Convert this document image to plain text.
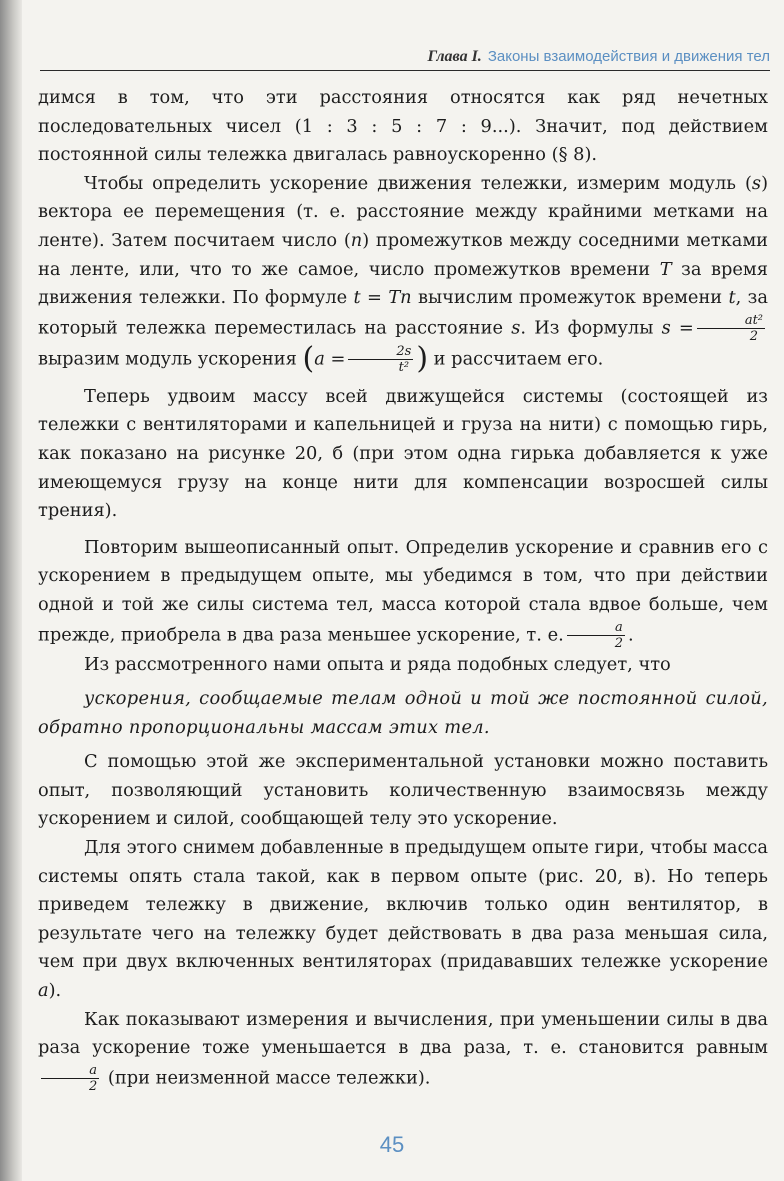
Глава I. Законы взаимодействия и движения тел

димся в том, что эти расстояния относятся как ряд нечетных последовательных чисел (1 : 3 : 5 : 7 : 9...). Значит, под действием постоянной силы тележка двигалась равноускоренно (§ 8).

Чтобы определить ускорение движения тележки, измерим модуль (s) вектора ее перемещения (т. е. расстояние между крайними метками на ленте). Затем посчитаем число (n) промежутков между соседними метками на ленте, или, что то же самое, число промежутков времени T за время движения тележки. По формуле t = Tn вычислим промежуток времени t, за который тележка переместилась на расстояние s. Из формулы $s = \frac{\text{at²}}{2}$
выразим модуль ускорения ($a = \frac{2s}{\text{t²}}$ ) и рассчитаем его.

Теперь удвоим массу всей движущейся системы (состоящей из тележки с вентиляторами и капельницей и груза на нити) с помощью гирь, как показано на рисунке 20, б (при этом одна гирька добавляется к уже имеющемуся грузу на конце нити для компенсации возросшей силы трения).

Повторим вышеописанный опыт. Определив ускорение и сравнив его с ускорением в предыдущем опыте, мы убедимся в том, что при действии одной и той же силы система тел, масса которой стала вдвое больше, чем прежде, приобрела в два раза меньшее ускорение, т. е. $\frac{a}{2}$ .

Из рассмотренного нами опыта и ряда подобных следует, что

ускорения, сообщаемые телам одной и той же постоянной силой, обратно пропорциональны массам этих тел.

С помощью этой же экспериментальной установки можно поставить опыт, позволяющий установить количественную взаимосвязь между ускорением и силой, сообщающей телу это ускорение.

Для этого снимем добавленные в предыдущем опыте гири, чтобы масса системы опять стала такой, как в первом опыте (рис. 20, в). Но теперь приведем тележку в движение, включив только один вентилятор, в результате чего на тележку будет действовать в два раза меньшая сила, чем при двух включенных вентиляторах (придававших тележке ускорение a).

Как показывают измерения и вычисления, при уменьшении силы в два раза ускорение тоже уменьшается в два раза, т. е. становится равным
$\frac{a}{2} (при$ неизменной массе тележки).

45
